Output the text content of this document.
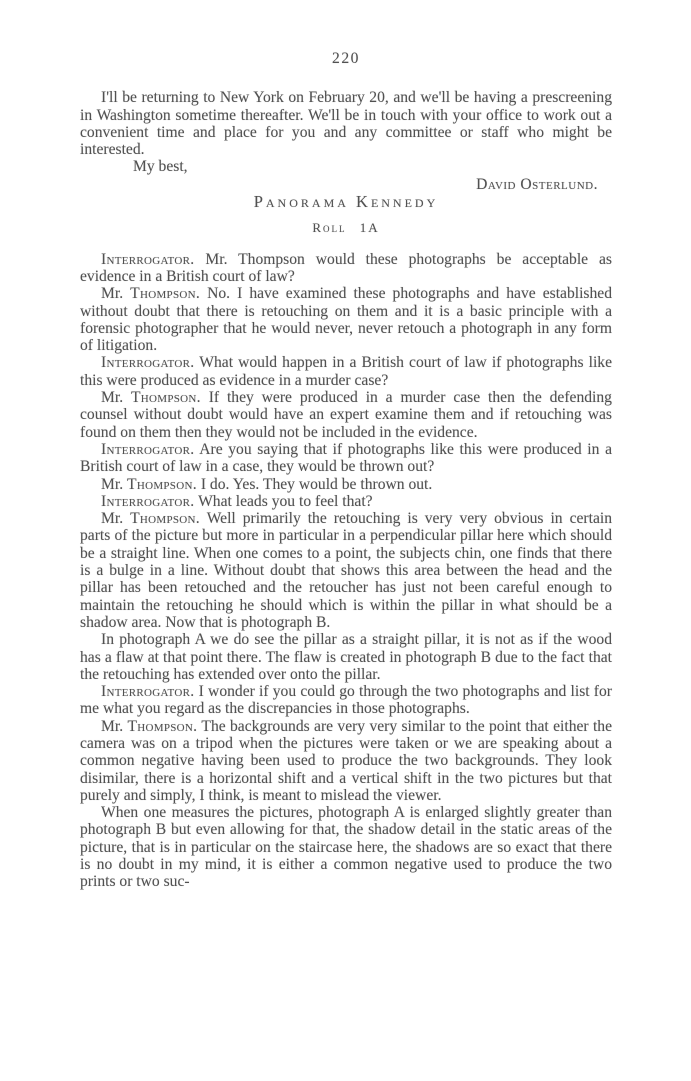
220

I'll be returning to New York on February 20, and we'll be having a prescreening in Washington sometime thereafter. We'll be in touch with your office to work out a convenient time and place for you and any committee or staff who might be interested.

My best,

David Osterlund.

Panorama Kennedy

Roll 1A

Interrogator. Mr. Thompson would these photographs be acceptable as evidence in a British court of law?

Mr. Thompson. No. I have examined these photographs and have established without doubt that there is retouching on them and it is a basic principle with a forensic photographer that he would never, never retouch a photograph in any form of litigation.

Interrogator. What would happen in a British court of law if photographs like this were produced as evidence in a murder case?

Mr. Thompson. If they were produced in a murder case then the defending counsel without doubt would have an expert examine them and if retouching was found on them then they would not be included in the evidence.

Interrogator. Are you saying that if photographs like this were produced in a British court of law in a case, they would be thrown out?

Mr. Thompson. I do. Yes. They would be thrown out.

Interrogator. What leads you to feel that?

Mr. Thompson. Well primarily the retouching is very very obvious in certain parts of the picture but more in particular in a perpendicular pillar here which should be a straight line. When one comes to a point, the subjects chin, one finds that there is a bulge in a line. Without doubt that shows this area between the head and the pillar has been retouched and the retoucher has just not been careful enough to maintain the retouching he should which is within the pillar in what should be a shadow area. Now that is photograph B.

In photograph A we do see the pillar as a straight pillar, it is not as if the wood has a flaw at that point there. The flaw is created in photograph B due to the fact that the retouching has extended over onto the pillar.

Interrogator. I wonder if you could go through the two photographs and list for me what you regard as the discrepancies in those photographs.

Mr. Thompson. The backgrounds are very very similar to the point that either the camera was on a tripod when the pictures were taken or we are speaking about a common negative having been used to produce the two backgrounds. They look disimilar, there is a horizontal shift and a vertical shift in the two pictures but that purely and simply, I think, is meant to mislead the viewer.

When one measures the pictures, photograph A is enlarged slightly greater than photograph B but even allowing for that, the shadow detail in the static areas of the picture, that is in particular on the staircase here, the shadows are so exact that there is no doubt in my mind, it is either a common negative used to produce the two prints or two suc-
